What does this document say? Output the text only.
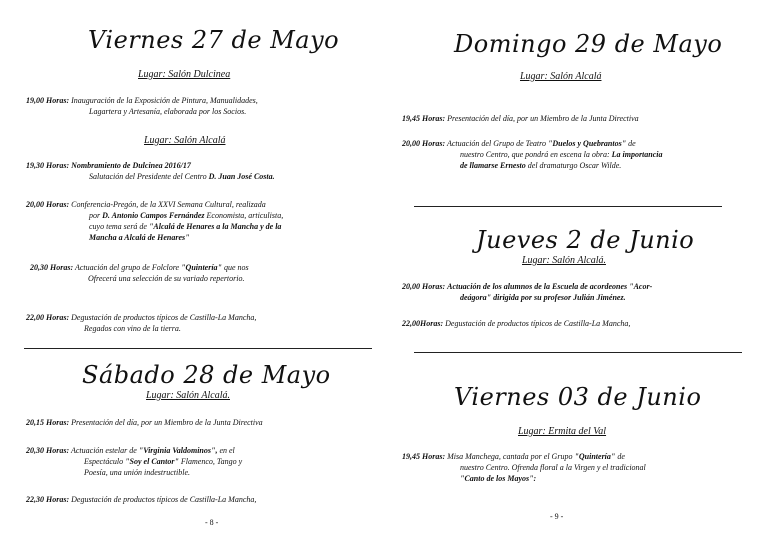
Viernes 27 de Mayo
Lugar: Salón Dulcinea
19,00 Horas: Inauguración de la Exposición de Pintura, Manualidades,
Lagartera y Artesanía, elaborada por los Socios.
Lugar: Salón Alcalá
19,30 Horas: Nombramiento de Dulcinea 2016/17
Salutación del Presidente del Centro D. Juan José Costa.
20,00 Horas: Conferencia-Pregón, de la XXVI Semana Cultural, realizada
por D. Antonio Campos Fernández Economista, articulista,
cuyo tema será de "Alcalá de Henares a la Mancha y de la
Mancha a Alcalá de Henares"
20,30 Horas: Actuación del grupo de Folclore "Quintería" que nos
Ofrecerá una selección de su variado repertorio.
22,00 Horas: Degustación de productos típicos de Castilla-La Mancha,
Regados con vino de la tierra.
Sábado 28 de Mayo
Lugar: Salón Alcalá.
20,15 Horas: Presentación del día, por un Miembro de la Junta Directiva
20,30 Horas: Actuación estelar de "Virginia Valdominos", en el
Espectáculo "Soy el Cantor" Flamenco, Tango y
Poesía, una unión indestructible.
22,30 Horas: Degustación de productos típicos de Castilla-La Mancha,
- 8 -
Domingo 29 de Mayo
Lugar: Salón Alcalá
19,45 Horas: Presentación del día, por un Miembro de la Junta Directiva
20,00 Horas: Actuación del Grupo de Teatro "Duelos y Quebrantos" de
nuestro Centro, que pondrá en escena la obra: La importancia
de llamarse Ernesto del dramaturgo Oscar Wilde.
Jueves 2 de Junio
Lugar: Salón Alcalá.
20,00 Horas: Actuación de los alumnos de la Escuela de acordeones "Acor-
deágora" dirigida por su profesor Julián Jiménez.
22,00Horas: Degustación de productos típicos de Castilla-La Mancha,
Viernes 03 de Junio
Lugar: Ermita del Val
19,45 Horas: Misa Manchega, cantada por el Grupo "Quintería" de
nuestro Centro. Ofrenda floral a la Virgen y el tradicional
"Canto de los Mayos":
- 9 -
